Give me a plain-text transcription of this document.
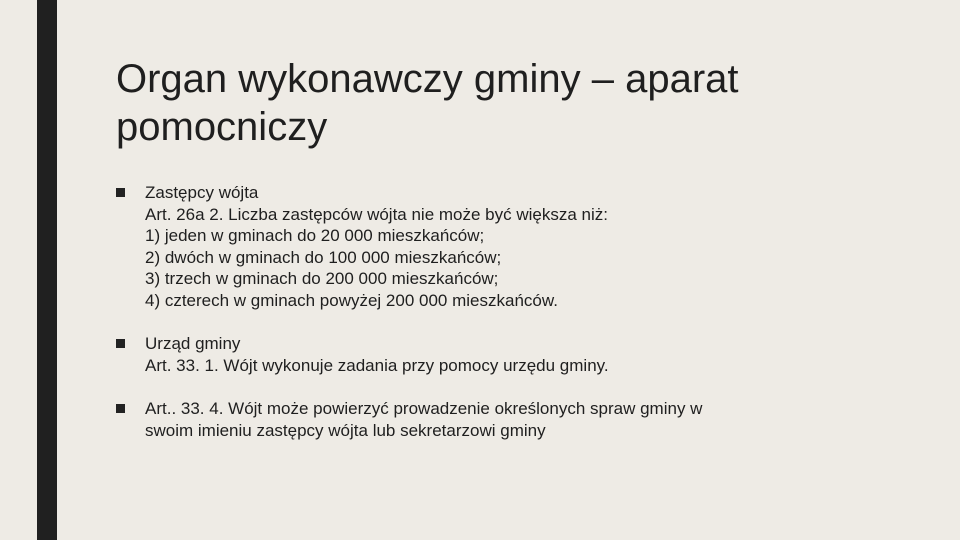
Organ wykonawczy gminy – aparat
pomocniczy
Zastępcy wójta
Art. 26a 2. Liczba zastępców wójta nie może być większa niż:
1) jeden w gminach do 20 000 mieszkańców;
2) dwóch w gminach do 100 000 mieszkańców;
3) trzech w gminach do 200 000 mieszkańców;
4) czterech w gminach powyżej 200 000 mieszkańców.
Urząd gminy
Art. 33. 1. Wójt wykonuje zadania przy pomocy urzędu gminy.
Art.. 33. 4. Wójt może powierzyć prowadzenie określonych spraw gminy w
swoim imieniu zastępcy wójta lub sekretarzowi gminy
